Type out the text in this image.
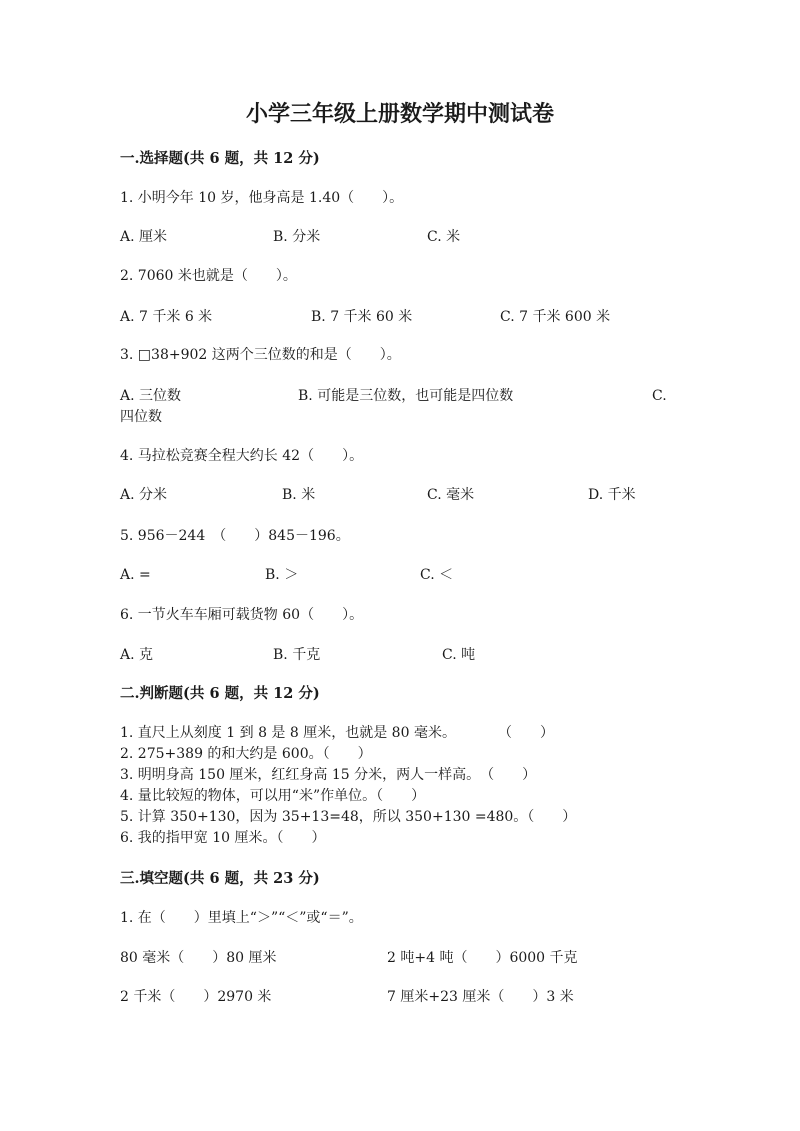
小学三年级上册数学期中测试卷
一.选择题(共 6 题，共 12 分)
1. 小明今年 10 岁，他身高是 1.40（　　）。
A. 厘米	B. 分米	C. 米
2. 7060 米也就是（　　）。
A. 7 千米 6 米	B. 7 千米 60 米	C. 7 千米 600 米
3. □38+902 这两个三位数的和是（　　）。
A. 三位数	B. 可能是三位数，也可能是四位数	C.
四位数
4. 马拉松竞赛全程大约长 42（　　）。
A. 分米	B. 米	C. 毫米	D. 千米
5. 956－244　（　　）845－196。
A. =	B. ＞	C. ＜
6. 一节火车车厢可载货物 60（　　）。
A. 克	B. 千克	C. 吨
二.判断题(共 6 题，共 12 分)
1. 直尺上从刻度 1 到 8 是 8 厘米，也就是 80 毫米。　　　　（　　）
2. 275+389 的和大约是 600。（　　）
3. 明明身高 150 厘米，红红身高 15 分米，两人一样高。　（　　）
4. 量比较短的物体，可以用“米”作单位。（　　）
5. 计算 350+130，因为 35+13=48，所以 350+130 =480。（　　）
6. 我的指甲宽 10 厘米。（　　）
三.填空题(共 6 题，共 23 分)
1. 在（　　）里填上“＞”“＜”或“＝”。
80 毫米（　　）80 厘米	2 吨+4 吨（　　）6000 千克
2 千米（　　）2970 米	7 厘米+23 厘米（　　）3 米
